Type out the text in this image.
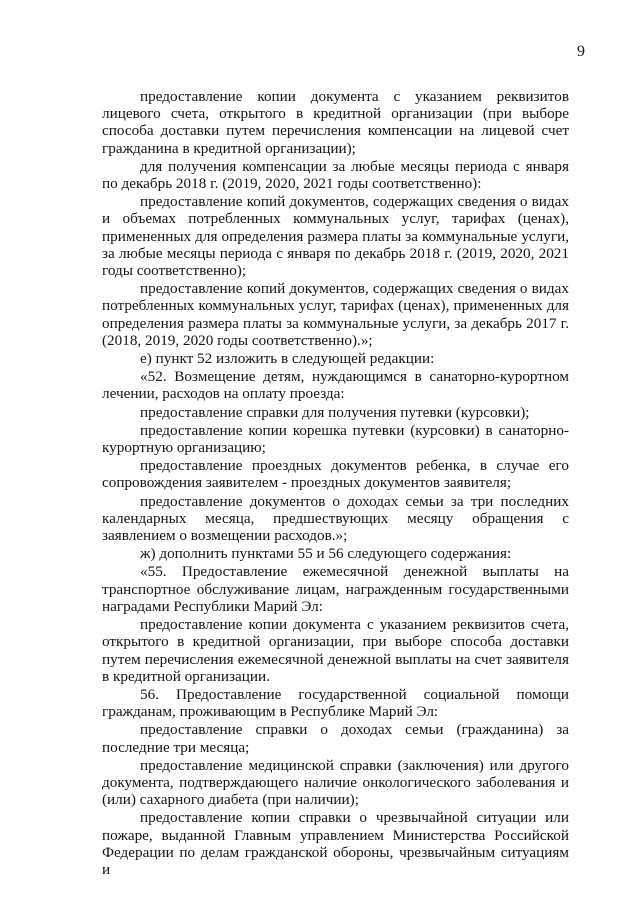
9

предоставление копии документа с указанием реквизитов лицевого счета, открытого в кредитной организации (при выборе способа доставки путем перечисления компенсации на лицевой счет гражданина в кредитной организации);

для получения компенсации за любые месяцы периода с января по декабрь 2018 г. (2019, 2020, 2021 годы соответственно):

предоставление копий документов, содержащих сведения о видах и объемах потребленных коммунальных услуг, тарифах (ценах), примененных для определения размера платы за коммунальные услуги, за любые месяцы периода с января по декабрь 2018 г. (2019, 2020, 2021 годы соответственно);

предоставление копий документов, содержащих сведения о видах потребленных коммунальных услуг, тарифах (ценах), примененных для определения размера платы за коммунальные услуги, за декабрь 2017 г. (2018, 2019, 2020 годы соответственно).»;

е) пункт 52 изложить в следующей редакции:

«52. Возмещение детям, нуждающимся в санаторно-курортном лечении, расходов на оплату проезда:

предоставление справки для получения путевки (курсовки);

предоставление копии корешка путевки (курсовки) в санаторно-курортную организацию;

предоставление проездных документов ребенка, в случае его сопровождения заявителем - проездных документов заявителя;

предоставление документов о доходах семьи за три последних календарных месяца, предшествующих месяцу обращения с заявлением о возмещении расходов.»;

ж) дополнить пунктами 55 и 56 следующего содержания:

«55. Предоставление ежемесячной денежной выплаты на транспортное обслуживание лицам, награжденным государственными наградами Республики Марий Эл:

предоставление копии документа с указанием реквизитов счета, открытого в кредитной организации, при выборе способа доставки путем перечисления ежемесячной денежной выплаты на счет заявителя в кредитной организации.

56. Предоставление государственной социальной помощи гражданам, проживающим в Республике Марий Эл:

предоставление справки о доходах семьи (гражданина) за последние три месяца;

предоставление медицинской справки (заключения) или другого документа, подтверждающего наличие онкологического заболевания и (или) сахарного диабета (при наличии);

предоставление копии справки о чрезвычайной ситуации или пожаре, выданной Главным управлением Министерства Российской Федерации по делам гражданской обороны, чрезвычайным ситуациям и
